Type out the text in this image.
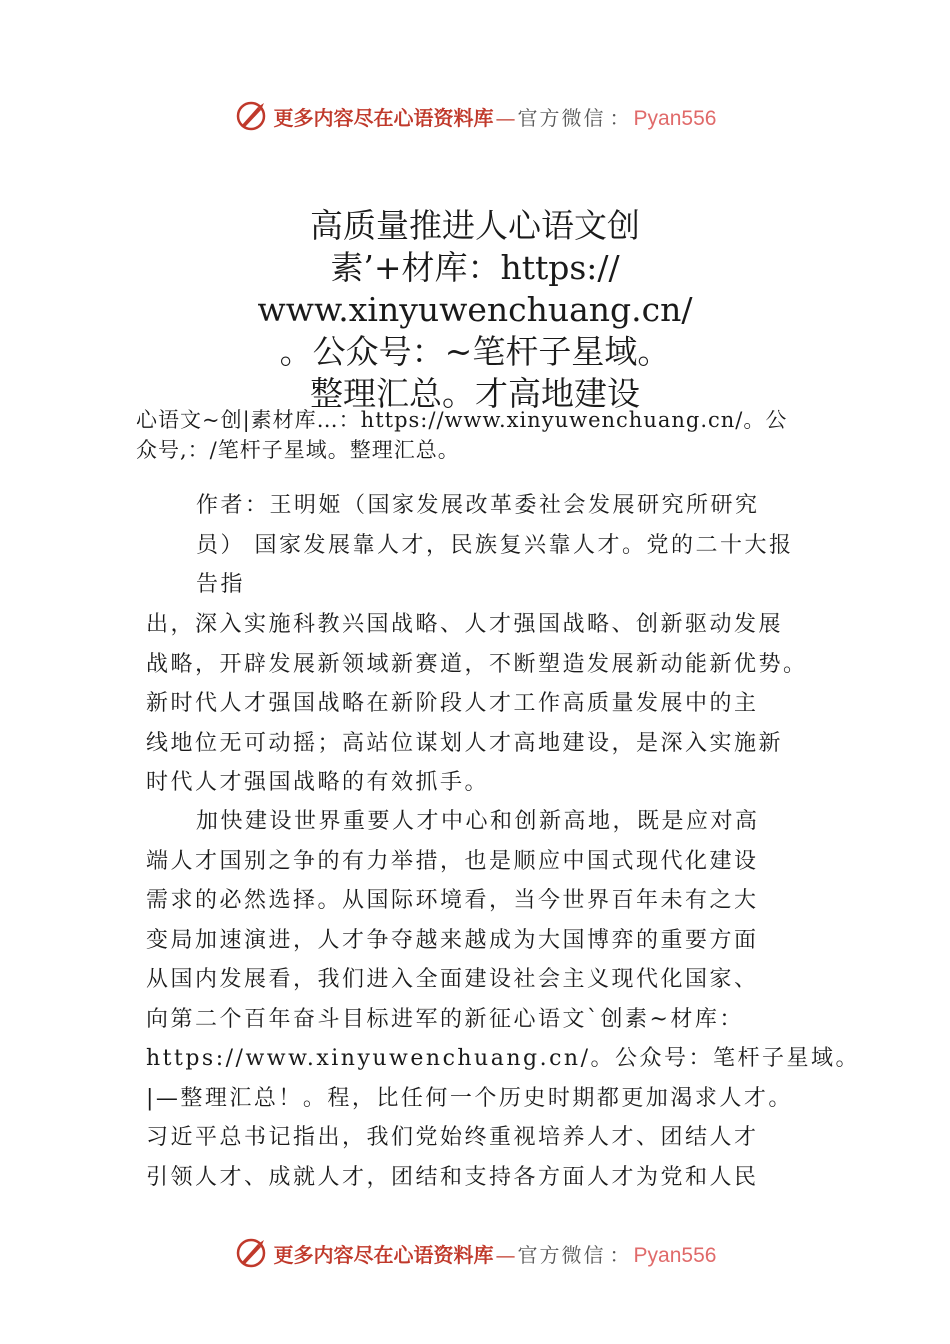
更多内容尽在心语资料库 — 官方微信 ： Pyan556
高质量推进人心语文创
素’+材库：https://
www.xinyuwenchuang.cn/
。公众号：~笔杆子星域。
整理汇总。才高地建设
心语文~创|素材库…：https://www.xinyuwenchuang.cn/。公
众号,：/笔杆子星域。整理汇总。
作者：王明姬（国家发展改革委社会发展研究所研究
员） 国家发展靠人才，民族复兴靠人才。党的二十大报
告指
出，深入实施科教兴国战略、人才强国战略、创新驱动发展
战略，开辟发展新领域新赛道，不断塑造发展新动能新优势。
新时代人才强国战略在新阶段人才工作高质量发展中的主
线地位无可动摇；高站位谋划人才高地建设，是深入实施新
时代人才强国战略的有效抓手。
加快建设世界重要人才中心和创新高地，既是应对高
端人才国别之争的有力举措，也是顺应中国式现代化建设
需求的必然选择。从国际环境看，当今世界百年未有之大
变局加速演进，人才争夺越来越成为大国博弈的重要方面
从国内发展看，我们进入全面建设社会主义现代化国家、
向第二个百年奋斗目标进军的新征心语文`创素~材库：
https://www.xinyuwenchuang.cn/。公众号：笔杆子星域。
|—整理汇总！。程，比任何一个历史时期都更加渴求人才。
习近平总书记指出，我们党始终重视培养人才、团结人才
引领人才、成就人才，团结和支持各方面人才为党和人民
更多内容尽在心语资料库 — 官方微信 ： Pyan556
